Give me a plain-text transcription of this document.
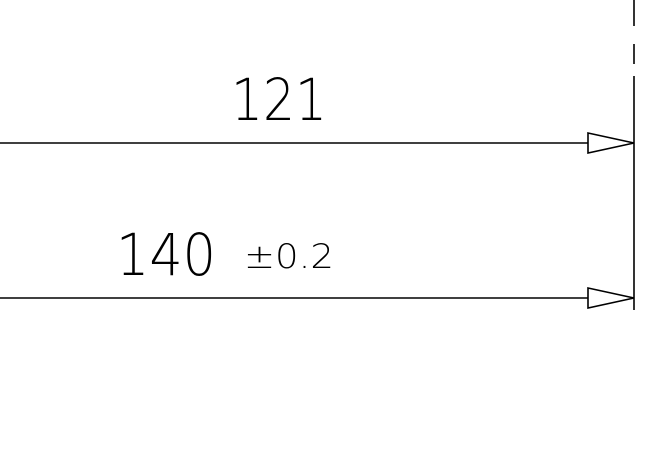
121
140 ±0.2
